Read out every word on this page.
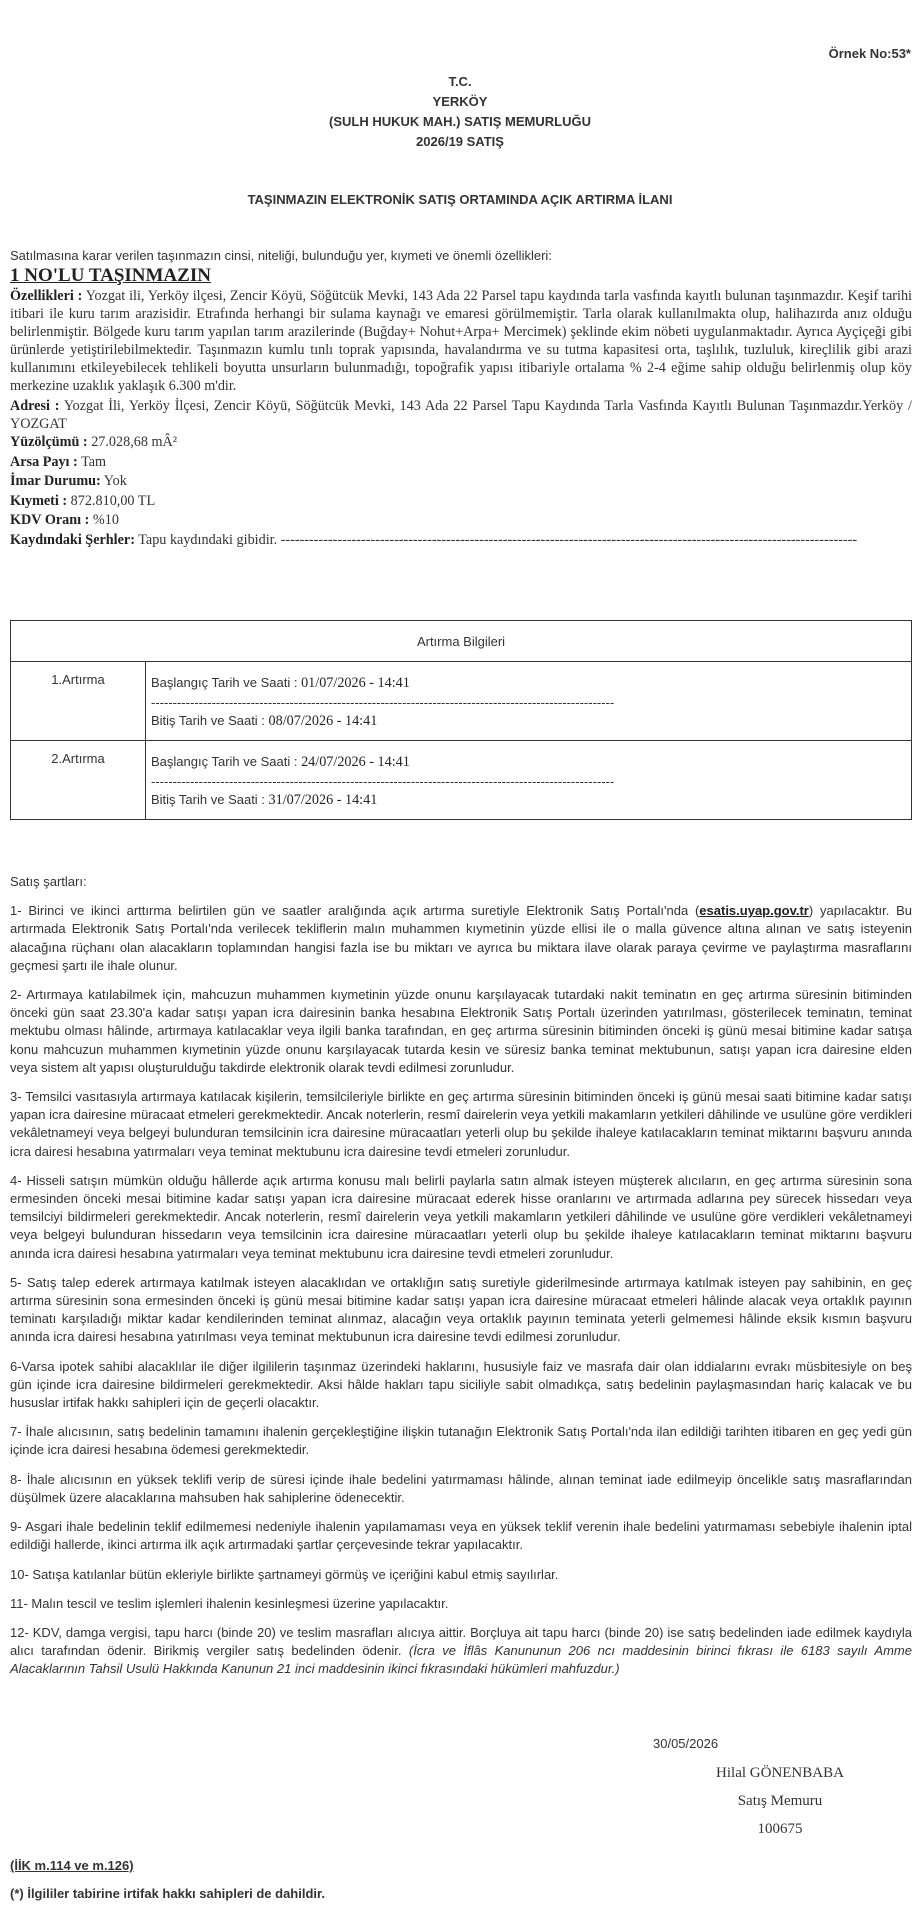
Örnek No:53*
T.C.
YERKÖY
(SULH HUKUK MAH.) SATIŞ MEMURLUĞU
2026/19 SATIŞ
TAŞINMAZIN ELEKTRONİK SATIŞ ORTAMINDA AÇIK ARTIRMA İLANI
Satılmasına karar verilen taşınmazın cinsi, niteliği, bulunduğu yer, kıymeti ve önemli özellikleri:
1 NO'LU TAŞINMAZIN
Özellikleri : Yozgat ili, Yerköy ilçesi, Zencir Köyü, Söğütcük Mevki, 143 Ada 22 Parsel tapu kaydında tarla vasfında kayıtlı bulunan taşınmazdır. Keşif tarihi itibari ile kuru tarım arazisidir. Etrafında herhangi bir sulama kaynağı ve emaresi görülmemiştir. Tarla olarak kullanılmakta olup, halihazırda anız olduğu belirlenmiştir. Bölgede kuru tarım yapılan tarım arazilerinde (Buğday+ Nohut+Arpa+ Mercimek) şeklinde ekim nöbeti uygulanmaktadır. Ayrıca Ayçiçeği gibi ürünlerde yetiştirilebilmektedir. Taşınmazın kumlu tınlı toprak yapısında, havalandırma ve su tutma kapasitesi orta, taşlılık, tuzluluk, kireçlilik gibi arazi kullanımını etkileyebilecek tehlikeli boyutta unsurların bulunmadığı, topoğrafik yapısı itibariyle ortalama % 2-4 eğime sahip olduğu belirlenmiş olup köy merkezine uzaklık yaklaşık 6.300 m'dir.
Adresi : Yozgat İli, Yerköy İlçesi, Zencir Köyü, Söğütcük Mevki, 143 Ada 22 Parsel Tapu Kaydında Tarla Vasfında Kayıtlı Bulunan Taşınmazdır.Yerköy / YOZGAT
Yüzölçümü : 27.028,68 mÂ²
Arsa Payı : Tam
İmar Durumu: Yok
Kıymeti : 872.810,00 TL
KDV Oranı : %10
Kaydındaki Şerhler: Tapu kaydındaki gibidir. --------------------------------------------------------------------------------------------------------------------------
Artırma Bilgileri	
1.Artırma	Başlangıç Tarih ve Saati : 01/07/2026 - 14:41
-----------------------------------------------------------------------------------------------------------
Bitiş Tarih ve Saati : 08/07/2026 - 14:41

2.Artırma	Başlangıç Tarih ve Saati : 24/07/2026 - 14:41
-----------------------------------------------------------------------------------------------------------
Bitiş Tarih ve Saati : 31/07/2026 - 14:41

Satış şartları:

1- Birinci ve ikinci arttırma belirtilen gün ve saatler aralığında açık artırma suretiyle Elektronik Satış Portalı'nda (esatis.uyap.gov.tr) yapılacaktır. Bu artırmada Elektronik Satış Portalı'nda verilecek tekliflerin malın muhammen kıymetinin yüzde ellisi ile o malla güvence altına alınan ve satış isteyenin alacağına rüçhanı olan alacakların toplamından hangisi fazla ise bu miktarı ve ayrıca bu miktara ilave olarak paraya çevirme ve paylaştırma masraflarını geçmesi şartı ile ihale olunur.

2- Artırmaya katılabilmek için, mahcuzun muhammen kıymetinin yüzde onunu karşılayacak tutardaki nakit teminatın en geç artırma süresinin bitiminden önceki gün saat 23.30'a kadar satışı yapan icra dairesinin banka hesabına Elektronik Satış Portalı üzerinden yatırılması, gösterilecek teminatın, teminat mektubu olması hâlinde, artırmaya katılacaklar veya ilgili banka tarafından, en geç artırma süresinin bitiminden önceki iş günü mesai bitimine kadar satışa konu mahcuzun muhammen kıymetinin yüzde onunu karşılayacak tutarda kesin ve süresiz banka teminat mektubunun, satışı yapan icra dairesine elden veya sistem alt yapısı oluşturulduğu takdirde elektronik olarak tevdi edilmesi zorunludur.

3- Temsilci vasıtasıyla artırmaya katılacak kişilerin, temsilcileriyle birlikte en geç artırma süresinin bitiminden önceki iş günü mesai saati bitimine kadar satışı yapan icra dairesine müracaat etmeleri gerekmektedir. Ancak noterlerin, resmî dairelerin veya yetkili makamların yetkileri dâhilinde ve usulüne göre verdikleri vekâletnameyi veya belgeyi bulunduran temsilcinin icra dairesine müracaatları yeterli olup bu şekilde ihaleye katılacakların teminat miktarını başvuru anında icra dairesi hesabına yatırmaları veya teminat mektubunu icra dairesine tevdi etmeleri zorunludur.

4- Hisseli satışın mümkün olduğu hâllerde açık artırma konusu malı belirli paylarla satın almak isteyen müşterek alıcıların, en geç artırma süresinin sona ermesinden önceki mesai bitimine kadar satışı yapan icra dairesine müracaat ederek hisse oranlarını ve artırmada adlarına pey sürecek hissedarı veya temsilciyi bildirmeleri gerekmektedir. Ancak noterlerin, resmî dairelerin veya yetkili makamların yetkileri dâhilinde ve usulüne göre verdikleri vekâletnameyi veya belgeyi bulunduran hissedarın veya temsilcinin icra dairesine müracaatları yeterli olup bu şekilde ihaleye katılacakların teminat miktarını başvuru anında icra dairesi hesabına yatırmaları veya teminat mektubunu icra dairesine tevdi etmeleri zorunludur.

5- Satış talep ederek artırmaya katılmak isteyen alacaklıdan ve ortaklığın satış suretiyle giderilmesinde artırmaya katılmak isteyen pay sahibinin, en geç artırma süresinin sona ermesinden önceki iş günü mesai bitimine kadar satışı yapan icra dairesine müracaat etmeleri hâlinde alacak veya ortaklık payının teminatı karşıladığı miktar kadar kendilerinden teminat alınmaz, alacağın veya ortaklık payının teminata yeterli gelmemesi hâlinde eksik kısmın başvuru anında icra dairesi hesabına yatırılması veya teminat mektubunun icra dairesine tevdi edilmesi zorunludur.

6-Varsa ipotek sahibi alacaklılar ile diğer ilgililerin taşınmaz üzerindeki haklarını, hususiyle faiz ve masrafa dair olan iddialarını evrakı müsbitesiyle on beş gün içinde icra dairesine bildirmeleri gerekmektedir. Aksi hâlde hakları tapu siciliyle sabit olmadıkça, satış bedelinin paylaşmasından hariç kalacak ve bu hususlar irtifak hakkı sahipleri için de geçerli olacaktır.

7- İhale alıcısının, satış bedelinin tamamını ihalenin gerçekleştiğine ilişkin tutanağın Elektronik Satış Portalı'nda ilan edildiği tarihten itibaren en geç yedi gün içinde icra dairesi hesabına ödemesi gerekmektedir.

8- İhale alıcısının en yüksek teklifi verip de süresi içinde ihale bedelini yatırmaması hâlinde, alınan teminat iade edilmeyip öncelikle satış masraflarından düşülmek üzere alacaklarına mahsuben hak sahiplerine ödenecektir.

9- Asgari ihale bedelinin teklif edilmemesi nedeniyle ihalenin yapılamaması veya en yüksek teklif verenin ihale bedelini yatırmaması sebebiyle ihalenin iptal edildiği hallerde, ikinci artırma ilk açık artırmadaki şartlar çerçevesinde tekrar yapılacaktır.

10- Satışa katılanlar bütün ekleriyle birlikte şartnameyi görmüş ve içeriğini kabul etmiş sayılırlar.

11- Malın tescil ve teslim işlemleri ihalenin kesinleşmesi üzerine yapılacaktır.

12- KDV, damga vergisi, tapu harcı (binde 20) ve teslim masrafları alıcıya aittir. Borçluya ait tapu harcı (binde 20) ise satış bedelinden iade edilmek kaydıyla alıcı tarafından ödenir. Birikmiş vergiler satış bedelinden ödenir. (İcra ve İflâs Kanununun 206 ncı maddesinin birinci fıkrası ile 6183 sayılı Amme Alacaklarının Tahsil Usulü Hakkında Kanunun 21 inci maddesinin ikinci fıkrasındaki hükümleri mahfuzdur.)

30/05/2026
Hilal GÖNENBABA
Satış Memuru
100675
(İİK m.114 ve m.126)
(*) İlgililer tabirine irtifak hakkı sahipleri de dahildir.
